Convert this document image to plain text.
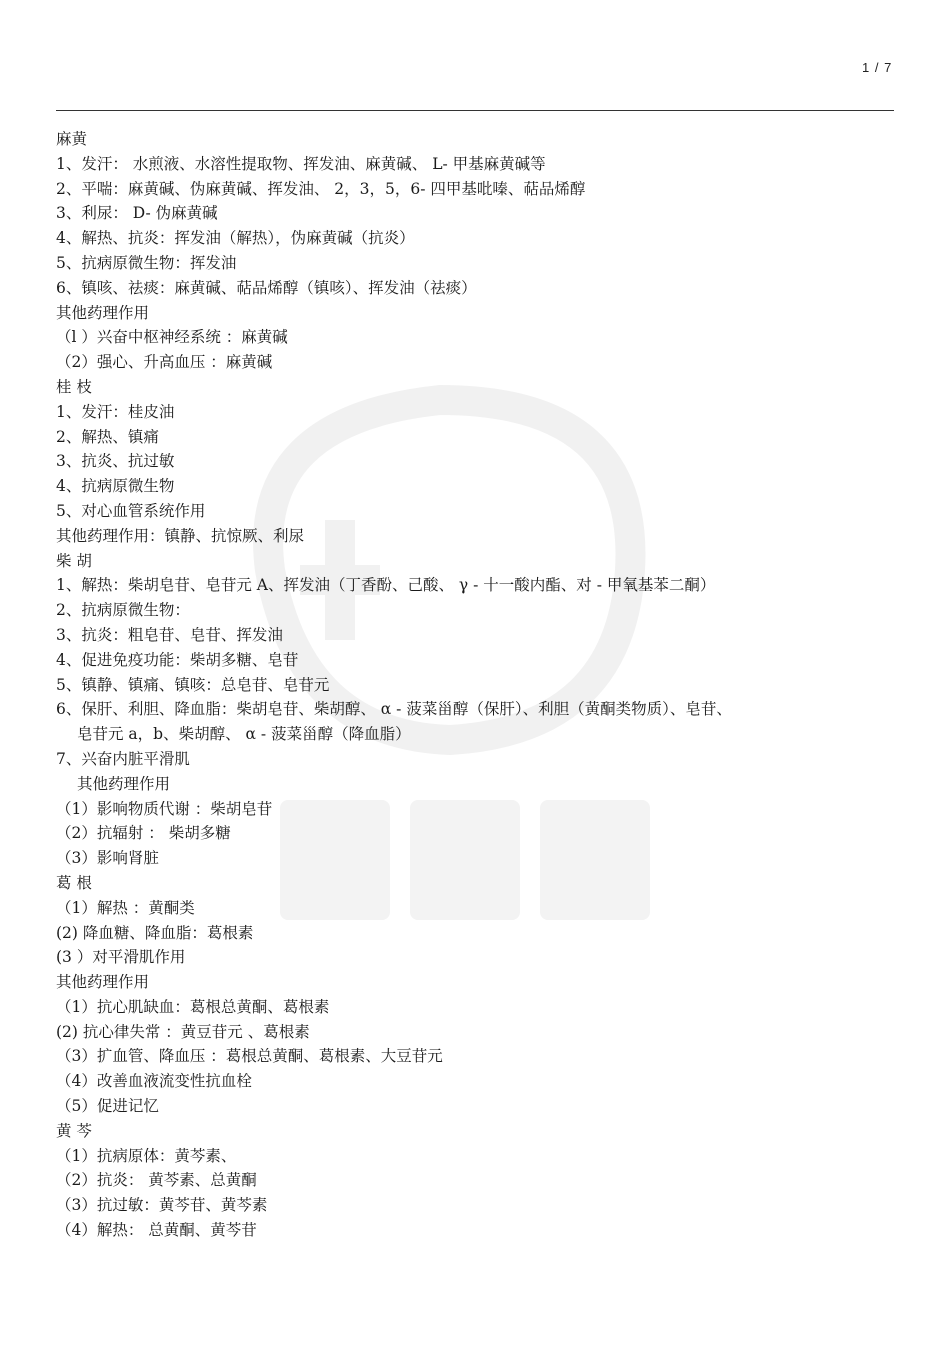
1 / 7
麻黄
1、发汗： 水煎液、水溶性提取物、挥发油、麻黄碱、 L- 甲基麻黄碱等
2、平喘：麻黄碱、伪麻黄碱、挥发油、 2，3，5，6- 四甲基吡嗪、萜品烯醇
3、利尿： D- 伪麻黄碱
4、解热、抗炎：挥发油（解热），伪麻黄碱（抗炎）
5、抗病原微生物：挥发油
6、镇咳、祛痰：麻黄碱、萜品烯醇（镇咳）、挥发油（祛痰）
其他药理作用
（l ）兴奋中枢神经系统 ：麻黄碱
（2）强心、升高血压 ：麻黄碱
桂 枝
1、发汗：桂皮油
2、解热、镇痛
3、抗炎、抗过敏
4、抗病原微生物
5、对心血管系统作用
其他药理作用：镇静、抗惊厥、利尿
柴 胡
1、解热：柴胡皂苷、皂苷元 A、挥发油（丁香酚、己酸、 γ - 十一酸内酯、对 - 甲氧基苯二酮）
2、抗病原微生物：
3、抗炎：粗皂苷、皂苷、挥发油
4、促进免疫功能：柴胡多糖、皂苷
5、镇静、镇痛、镇咳：总皂苷、皂苷元
6、保肝、利胆、降血脂：柴胡皂苷、柴胡醇、 α - 菠菜甾醇（保肝）、利胆（黄酮类物质）、皂苷、
皂苷元 a，b、柴胡醇、 α - 菠菜甾醇（降血脂）
7、兴奋内脏平滑肌
其他药理作用
（1）影响物质代谢 ：柴胡皂苷
（2）抗辐射 ： 柴胡多糖
（3）影响肾脏
葛 根
（1）解热 ：黄酮类
(2) 降血糖、降血脂：葛根素
(3 ）对平滑肌作用
其他药理作用
（1）抗心肌缺血：葛根总黄酮、葛根素
(2) 抗心律失常 ：黄豆苷元 、葛根素
（3）扩血管、降血压 ：葛根总黄酮、葛根素、大豆苷元
（4）改善血液流变性抗血栓
（5）促进记忆
黄 芩
（1）抗病原体：黄芩素、
（2）抗炎： 黄芩素、总黄酮
（3）抗过敏：黄芩苷、黄芩素
（4）解热： 总黄酮、黄芩苷
